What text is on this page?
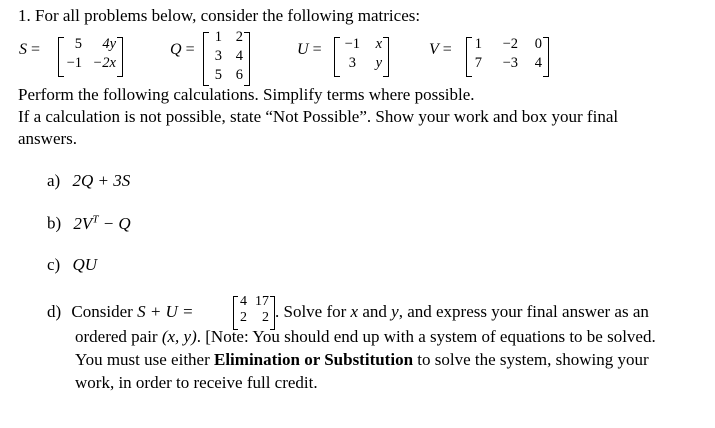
1. For all problems below, consider the following matrices:
S =	5	4y
−1 −2x
Q =
1 2
3 4
5 6
U =	−1	x
3	y
V =	1	−2	0
7	−3	4
Perform the following calculations. Simplify terms where possible.
If a calculation is not possible, state “Not Possible”. Show your work and box your final
answers.
a) 2Q + 3S
b) $2V^T - Q$
c) QU
d) Consider S + U =
4 17
2	2 . Solve for x and y, and express your final answer as an
ordered pair (x, y). [Note: You should end up with a system of equations to be solved.
You must use either Elimination or Substitution to solve the system, showing your
work, in order to receive full credit.
